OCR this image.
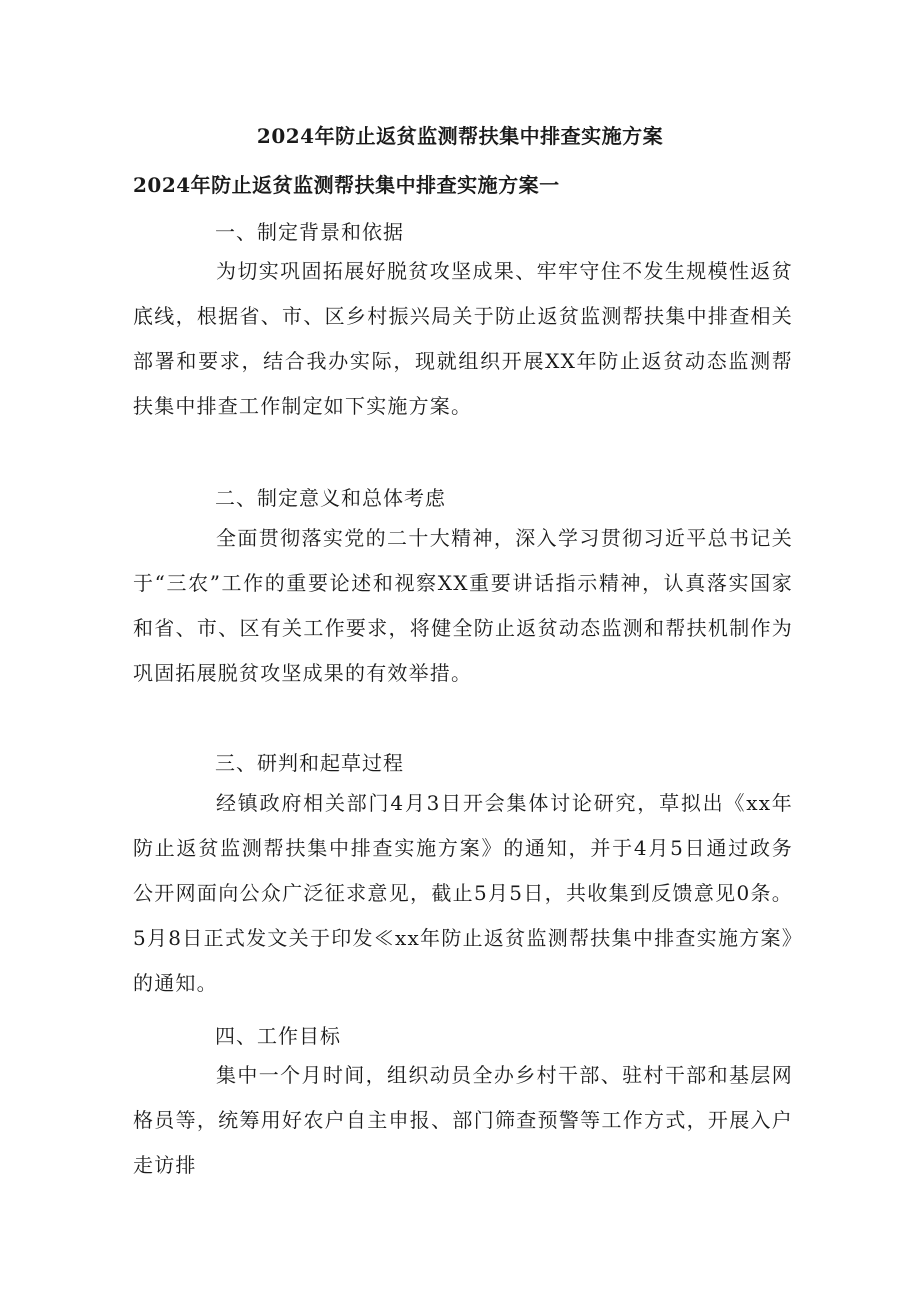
2024年防止返贫监测帮扶集中排查实施方案
2024年防止返贫监测帮扶集中排查实施方案一
一、制定背景和依据

为切实巩固拓展好脱贫攻坚成果、牢牢守住不发生规模性返贫底线，根据省、市、区乡村振兴局关于防止返贫监测帮扶集中排查相关部署和要求，结合我办实际，现就组织开展XX年防止返贫动态监测帮扶集中排查工作制定如下实施方案。

二、制定意义和总体考虑

全面贯彻落实党的二十大精神，深入学习贯彻习近平总书记关于“三农”工作的重要论述和视察XX重要讲话指示精神，认真落实国家和省、市、区有关工作要求，将健全防止返贫动态监测和帮扶机制作为巩固拓展脱贫攻坚成果的有效举措。

三、研判和起草过程

经镇政府相关部门4月3日开会集体讨论研究，草拟出《xx年防止返贫监测帮扶集中排查实施方案》的通知，并于4月5日通过政务公开网面向公众广泛征求意见，截止5月5日，共收集到反馈意见0条。5月8日正式发文关于印发≪xx年防止返贫监测帮扶集中排查实施方案》的通知。

四、工作目标

集中一个月时间，组织动员全办乡村干部、驻村干部和基层网格员等，统筹用好农户自主申报、部门筛查预警等工作方式，开展入户走访排
